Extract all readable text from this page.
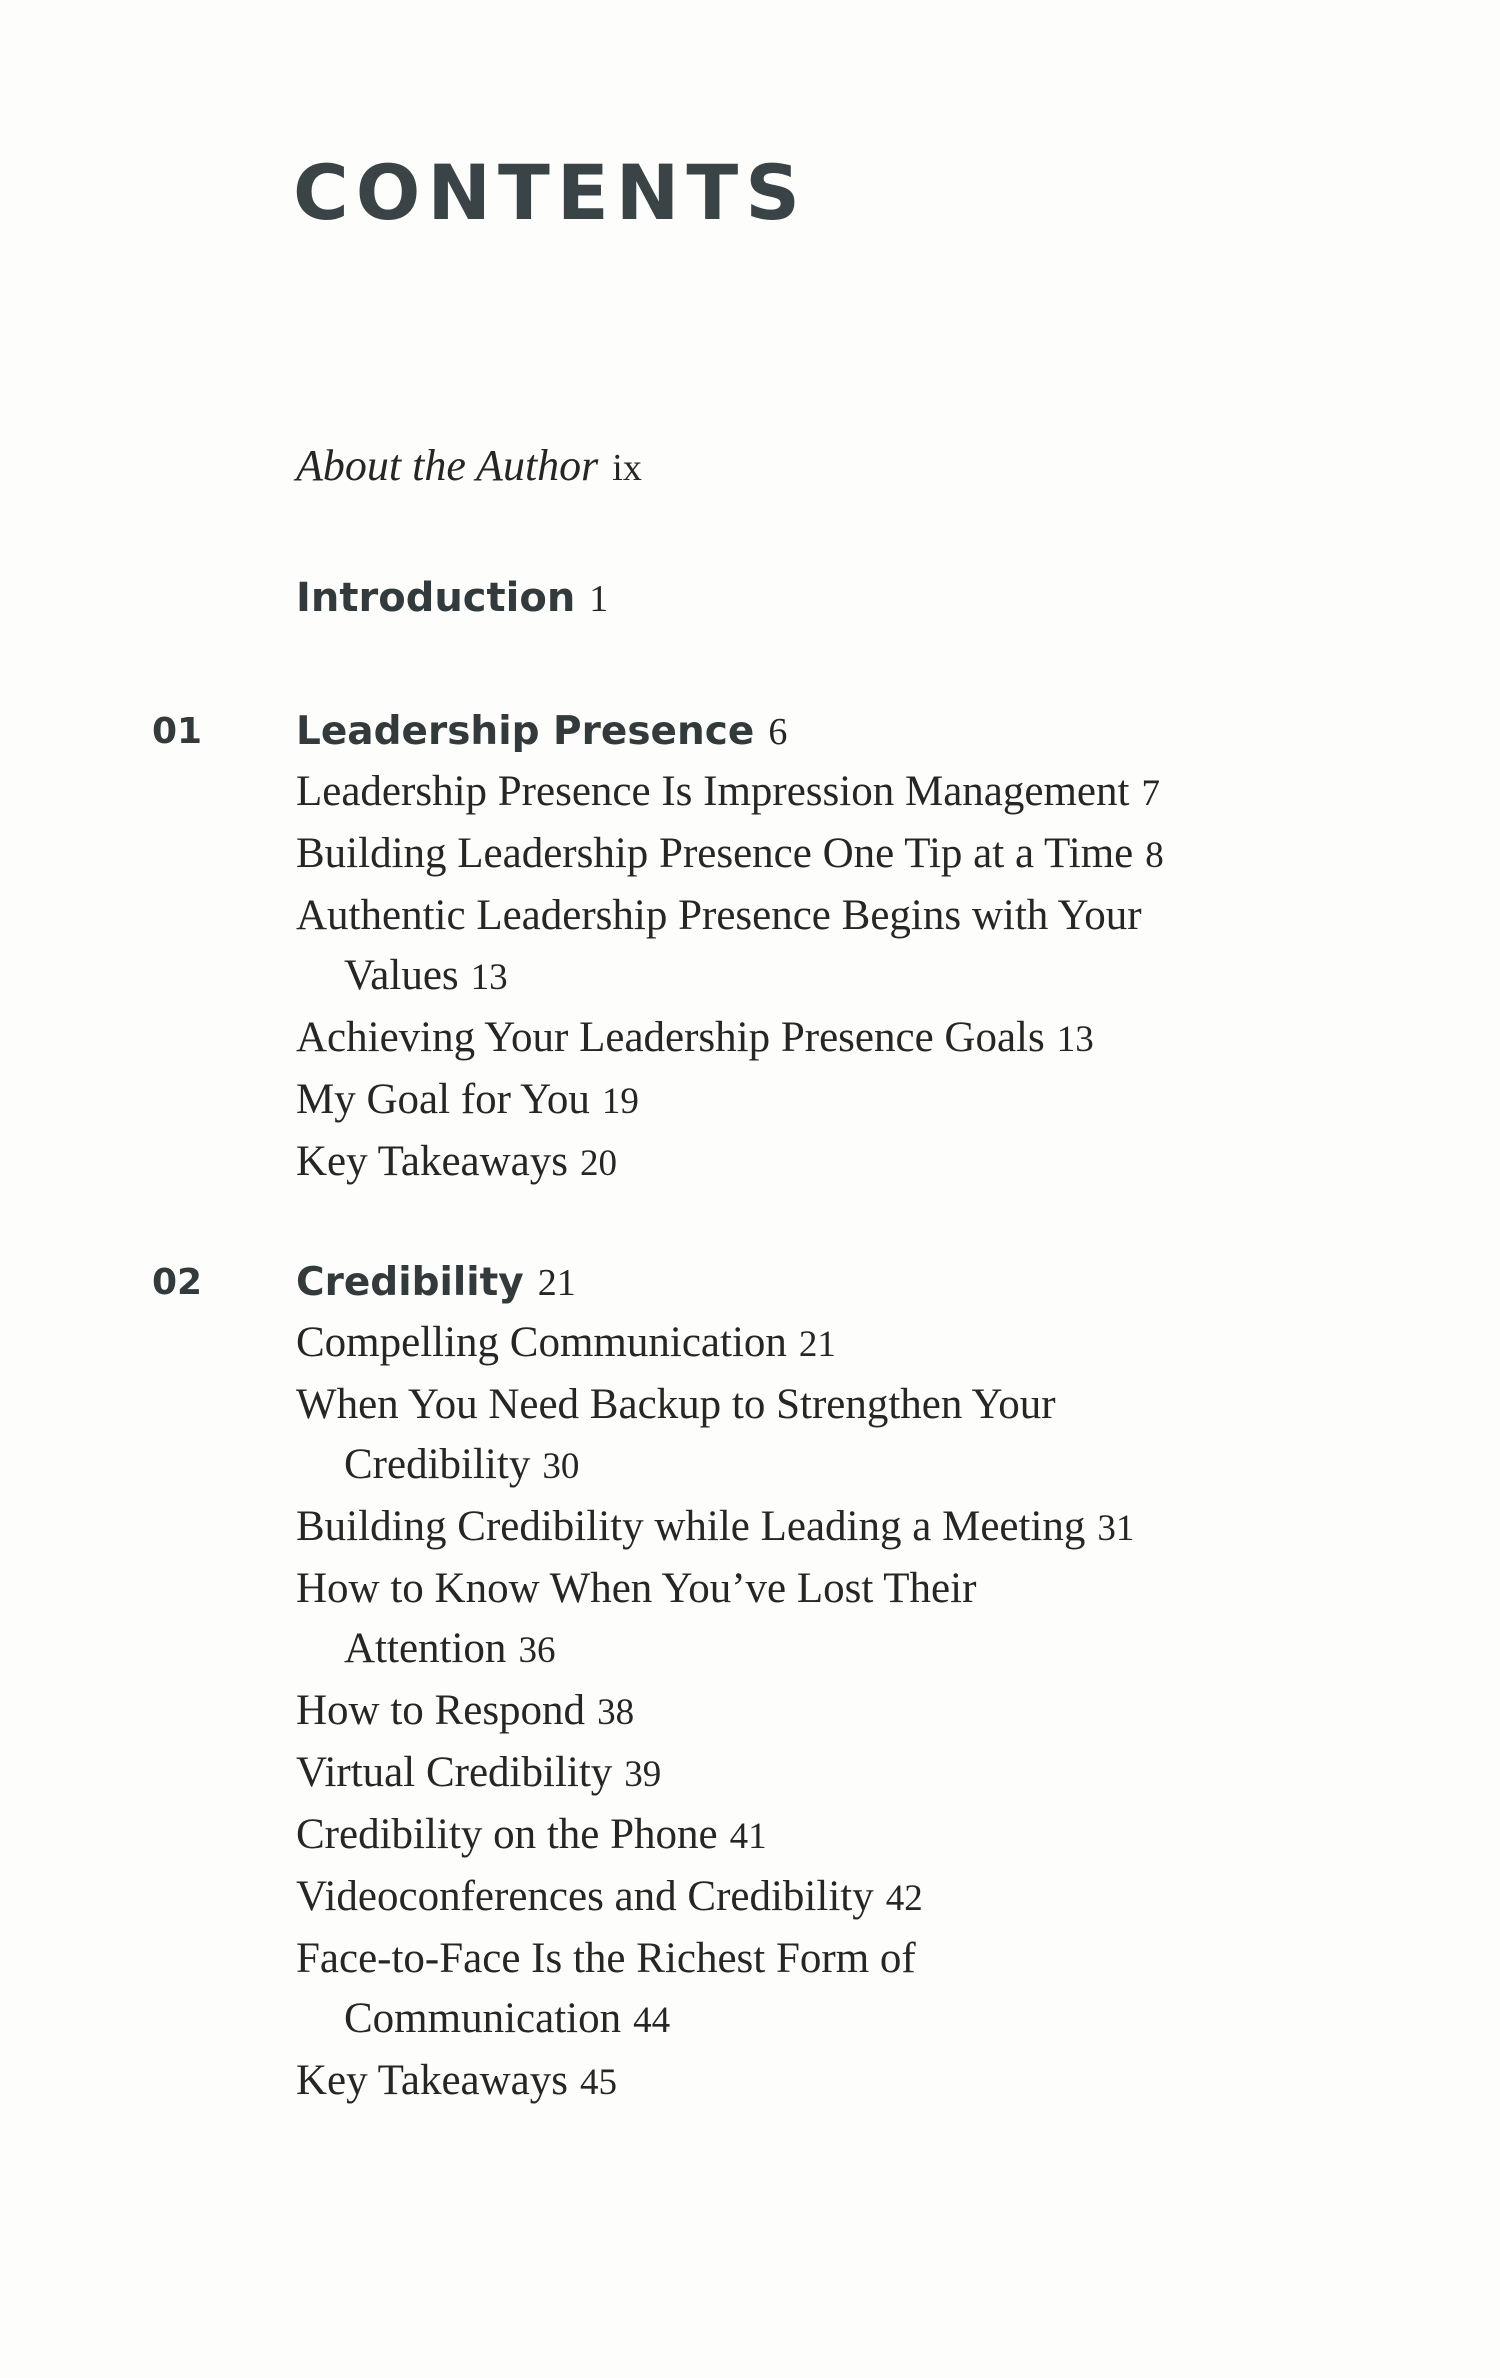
CONTENTS
About the Author ix
Introduction 1
01 Leadership Presence 6
Leadership Presence Is Impression Management 7
Building Leadership Presence One Tip at a Time 8
Authentic Leadership Presence Begins with Your
Values 13
Achieving Your Leadership Presence Goals 13
My Goal for You 19
Key Takeaways 20
02 Credibility 21
Compelling Communication 21
When You Need Backup to Strengthen Your
Credibility 30
Building Credibility while Leading a Meeting 31
How to Know When You’ve Lost Their
Attention 36
How to Respond 38
Virtual Credibility 39
Credibility on the Phone 41
Videoconferences and Credibility 42
Face-to-Face Is the Richest Form of
Communication 44
Key Takeaways 45
